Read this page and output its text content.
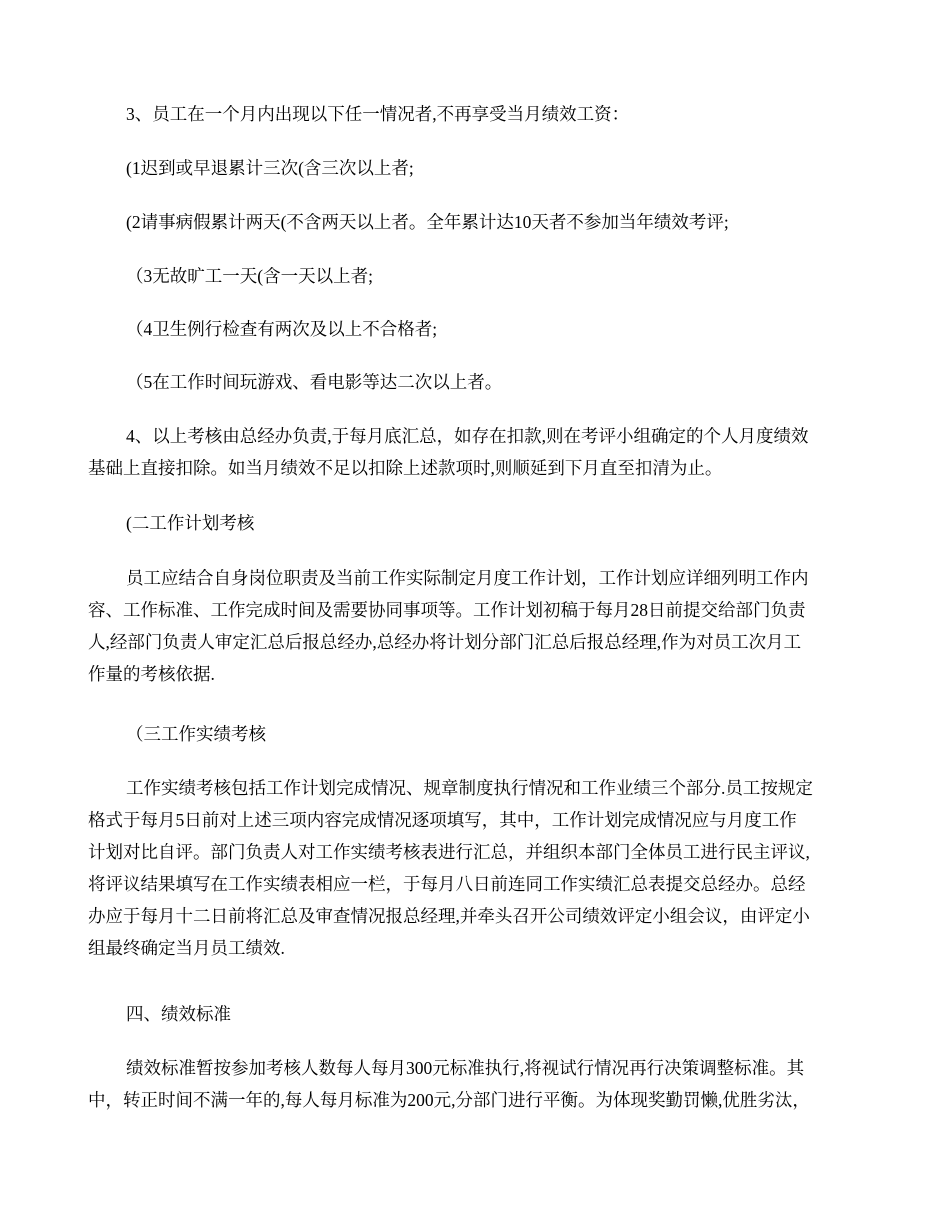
3、员工在一个月内出现以下任一情况者,不再享受当月绩效工资：
(1迟到或早退累计三次(含三次以上者;
(2请事病假累计两天(不含两天以上者。全年累计达10天者不参加当年绩效考评;
（3无故旷工一天(含一天以上者;
（4卫生例行检查有两次及以上不合格者;
（5在工作时间玩游戏、看电影等达二次以上者。
4、以上考核由总经办负责,于每月底汇总，如存在扣款,则在考评小组确定的个人月度绩效
基础上直接扣除。如当月绩效不足以扣除上述款项时,则顺延到下月直至扣清为止。
(二工作计划考核
员工应结合自身岗位职责及当前工作实际制定月度工作计划，工作计划应详细列明工作内
容、工作标准、工作完成时间及需要协同事项等。工作计划初稿于每月28日前提交给部门负责
人,经部门负责人审定汇总后报总经办,总经办将计划分部门汇总后报总经理,作为对员工次月工
作量的考核依据.
（三工作实绩考核
工作实绩考核包括工作计划完成情况、规章制度执行情况和工作业绩三个部分.员工按规定
格式于每月5日前对上述三项内容完成情况逐项填写，其中，工作计划完成情况应与月度工作
计划对比自评。部门负责人对工作实绩考核表进行汇总，并组织本部门全体员工进行民主评议,
将评议结果填写在工作实绩表相应一栏，于每月八日前连同工作实绩汇总表提交总经办。总经
办应于每月十二日前将汇总及审查情况报总经理,并牵头召开公司绩效评定小组会议，由评定小
组最终确定当月员工绩效.
四、绩效标准
绩效标准暂按参加考核人数每人每月300元标准执行,将视试行情况再行决策调整标准。其
中，转正时间不满一年的,每人每月标准为200元,分部门进行平衡。为体现奖勤罚懒,优胜劣汰，
